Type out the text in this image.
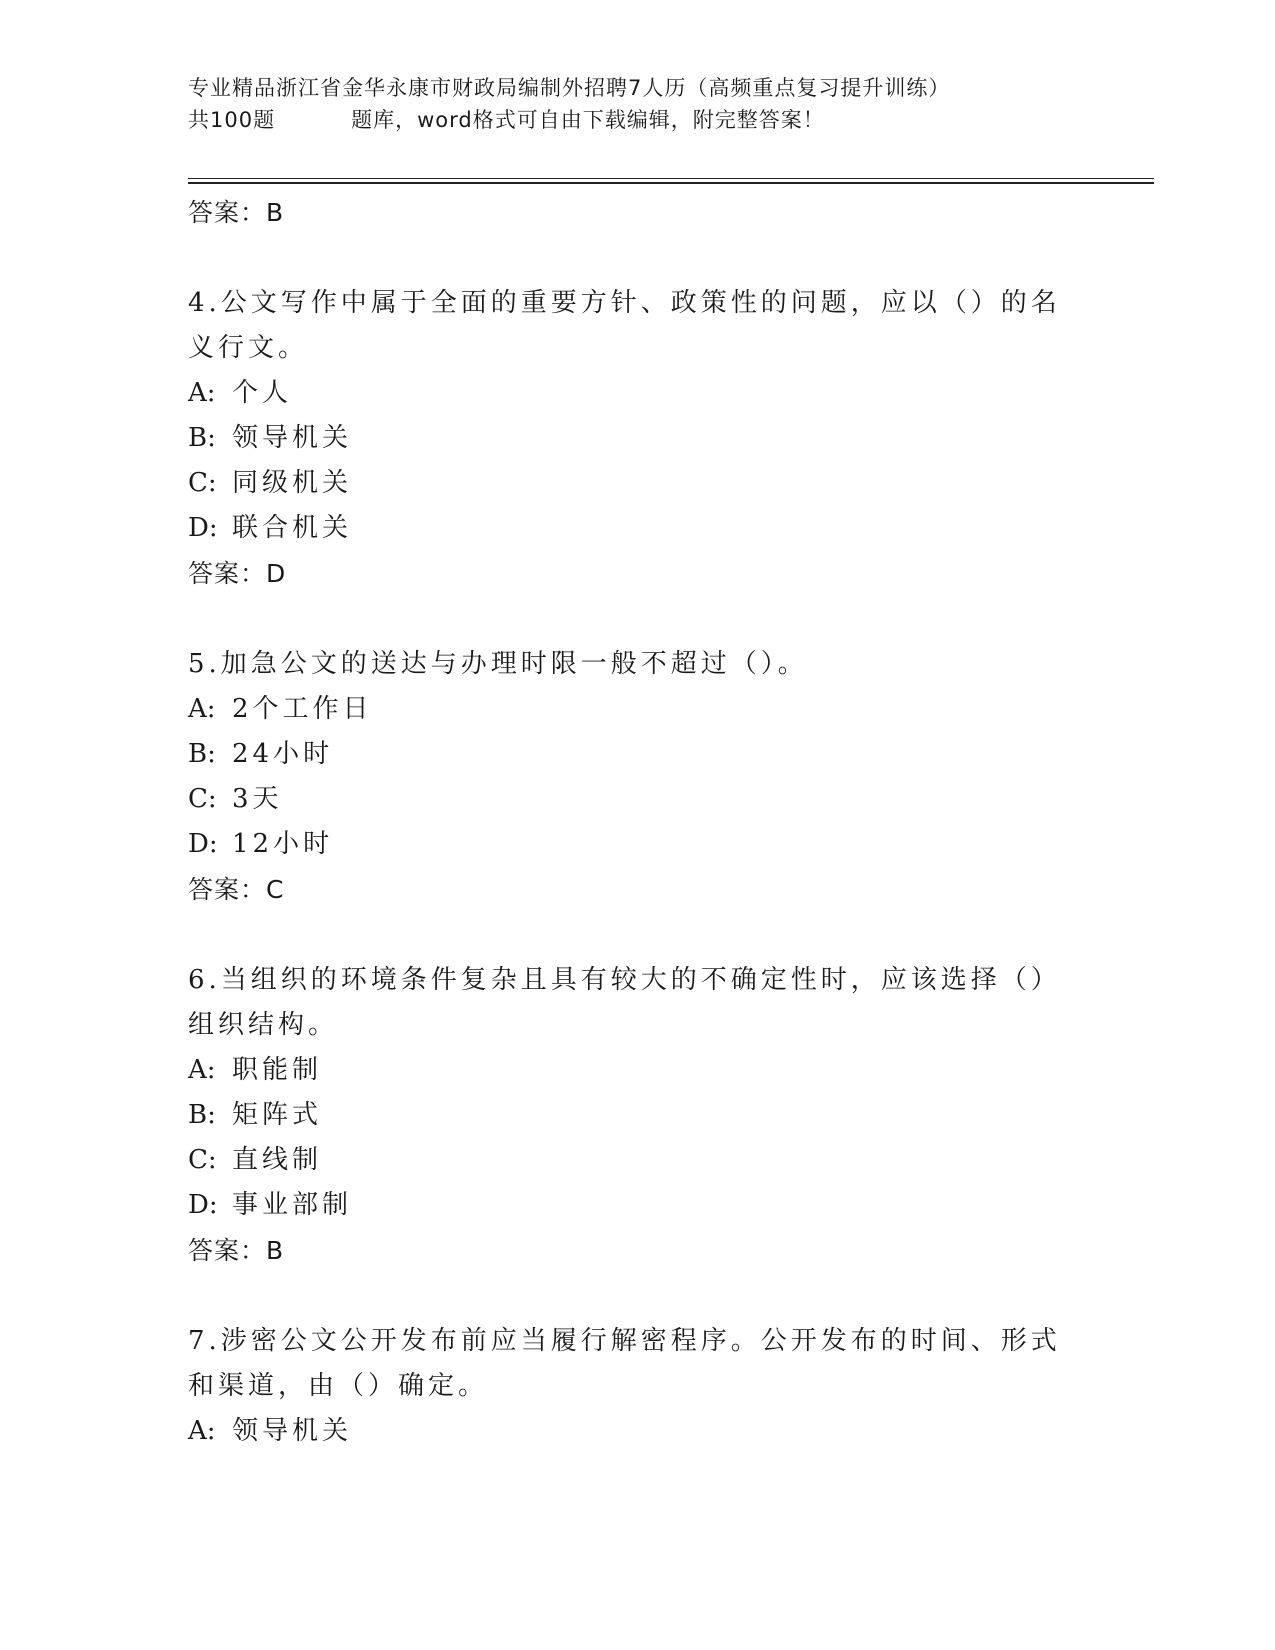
专业精品浙江省金华永康市财政局编制外招聘7人历（高频重点复习提升训练）
共100题	题库，word格式可自由下载编辑，附完整答案！
答案：B
4.公文写作中属于全面的重要方针、政策性的问题，应以（）的名义行文。
A: 个人
B: 领导机关
C: 同级机关
D: 联合机关
答案：D
5.加急公文的送达与办理时限一般不超过（）。
A: 2个工作日
B: 24小时
C: 3天
D: 12小时
答案：C
6.当组织的环境条件复杂且具有较大的不确定性时，应该选择（）组织结构。
A: 职能制
B: 矩阵式
C: 直线制
D: 事业部制
答案：B
7.涉密公文公开发布前应当履行解密程序。公开发布的时间、形式和渠道，由（）确定。
A: 领导机关
